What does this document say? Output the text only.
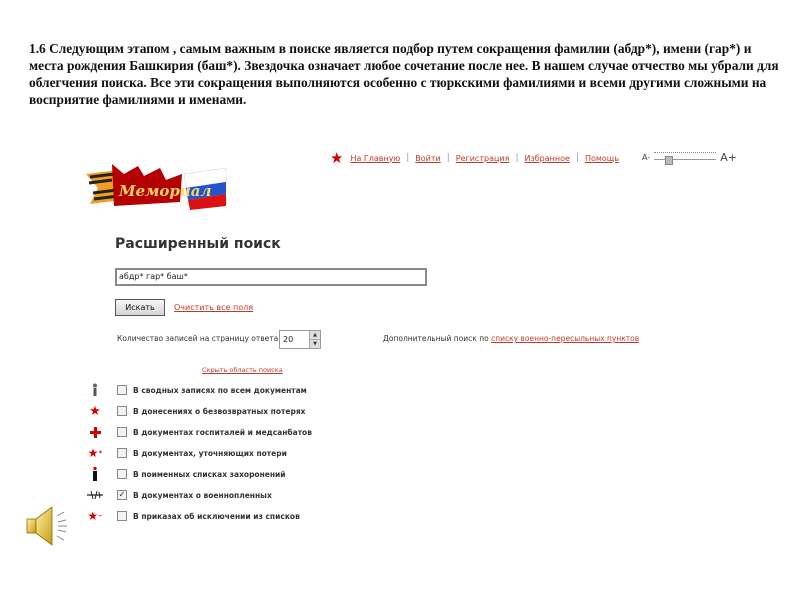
1.6 Следующим этапом , самым важным в поиске является подбор путем сокращения фамилии (абдр*), имени (гар*) и места рождения Башкирия (баш*). Звездочка означает любое сочетание после нее. В нашем случае отчество мы убрали для облегчения поиска. Все эти сокращения выполняются особенно с тюркскими фамилиями и всеми другими сложными на восприятие фамилиями и именами.
Мемориал
★ На Главную | Войти | Регистрация | Избранное | Помощь	A-	A+
Расширенный поиск
абдр* гар* баш*
Искать	Очистить все поля
Количество записей на страницу ответа 20	▲
▼
Дополнительный поиск по списку военно-пересыльных пунктов
Скрыть область поиска
В сводных записях по всем документам
★	В донесениях о безвозвратных потерях
В документах госпиталей и медсанбатов
★ *	В документах, уточняющих потери
В поименных списках захоронений
✓ В документах о военнопленных
★ –	В приказах об исключении из списков
